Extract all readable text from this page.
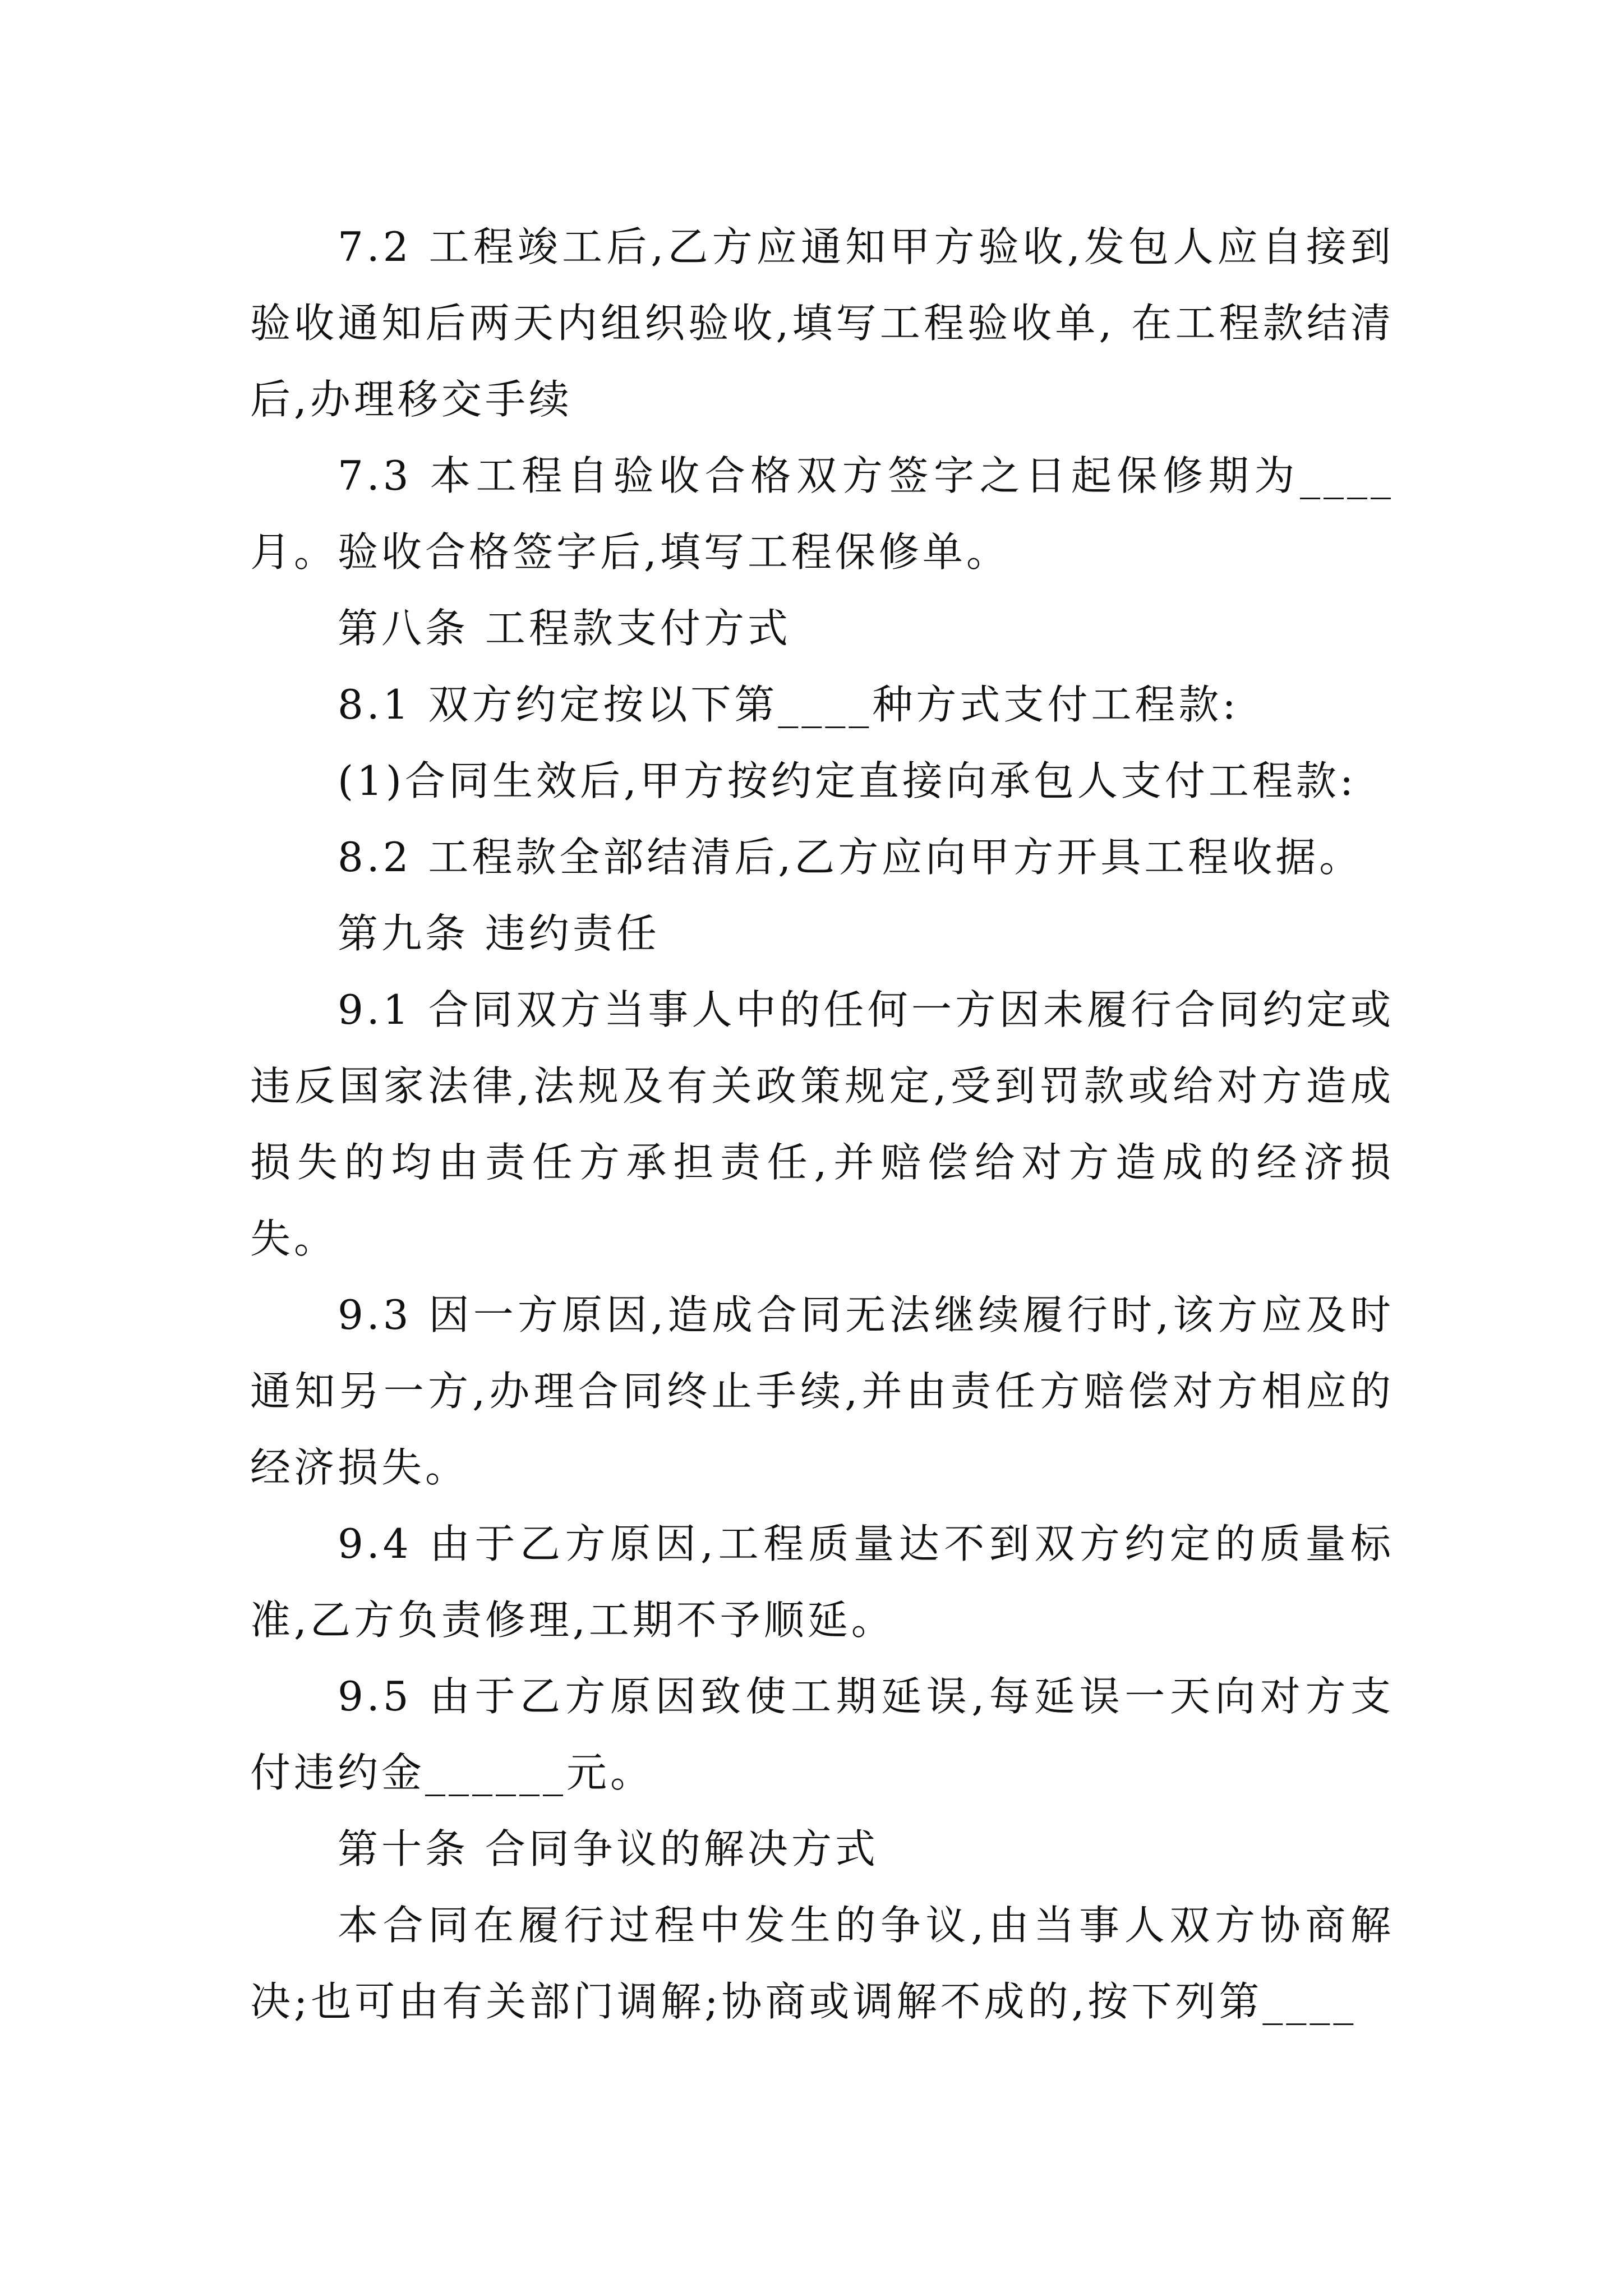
7.2 工程竣工后,乙方应通知甲方验收,发包人应自接到验收通知后两天内组织验收,填写工程验收单, 在工程款结清后,办理移交手续

7.3 本工程自验收合格双方签字之日起保修期为____月。验收合格签字后,填写工程保修单。

第八条 工程款支付方式

8.1 双方约定按以下第____种方式支付工程款:

(1)合同生效后,甲方按约定直接向承包人支付工程款:

8.2 工程款全部结清后,乙方应向甲方开具工程收据。

第九条 违约责任

9.1 合同双方当事人中的任何一方因未履行合同约定或违反国家法律,法规及有关政策规定,受到罚款或给对方造成损失的均由责任方承担责任,并赔偿给对方造成的经济损失。

9.3 因一方原因,造成合同无法继续履行时,该方应及时通知另一方,办理合同终止手续,并由责任方赔偿对方相应的经济损失。

9.4 由于乙方原因,工程质量达不到双方约定的质量标准,乙方负责修理,工期不予顺延。

9.5 由于乙方原因致使工期延误,每延误一天向对方支付违约金______元。

第十条 合同争议的解决方式

本合同在履行过程中发生的争议,由当事人双方协商解决;也可由有关部门调解;协商或调解不成的,按下列第____
